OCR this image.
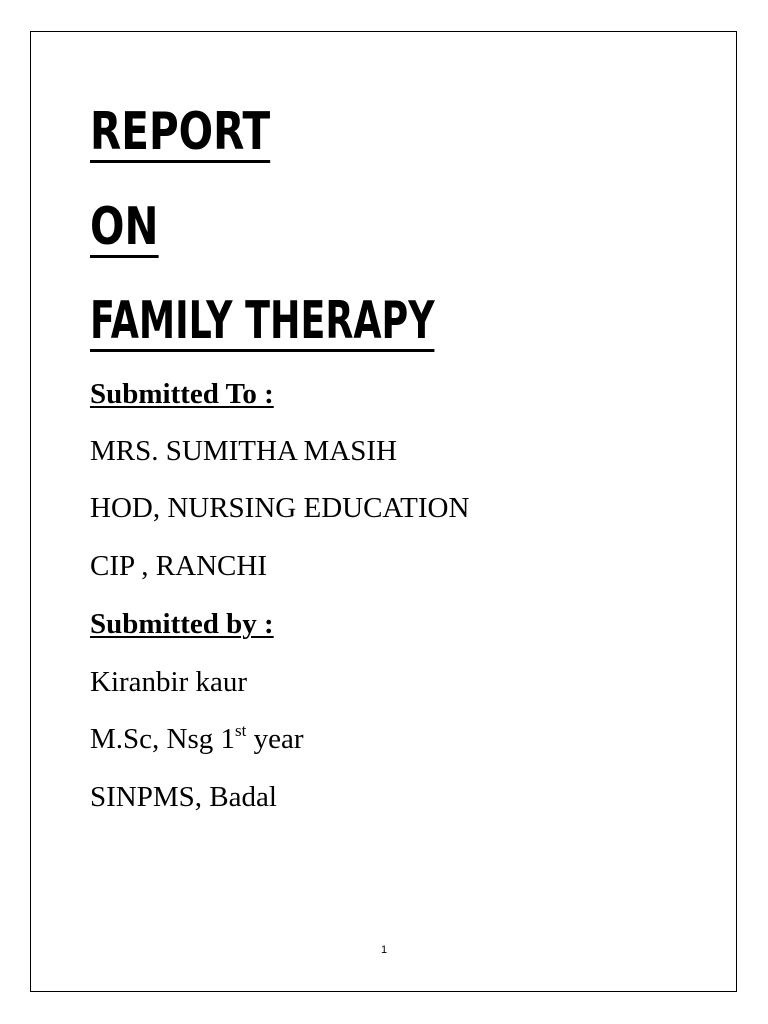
REPORT
ON
FAMILY THERAPY

Submitted To :

MRS. SUMITHA MASIH

HOD, NURSING EDUCATION

CIP , RANCHI

Submitted by :

Kiranbir kaur

M.Sc, Nsg 1st year

SINPMS, Badal

1
